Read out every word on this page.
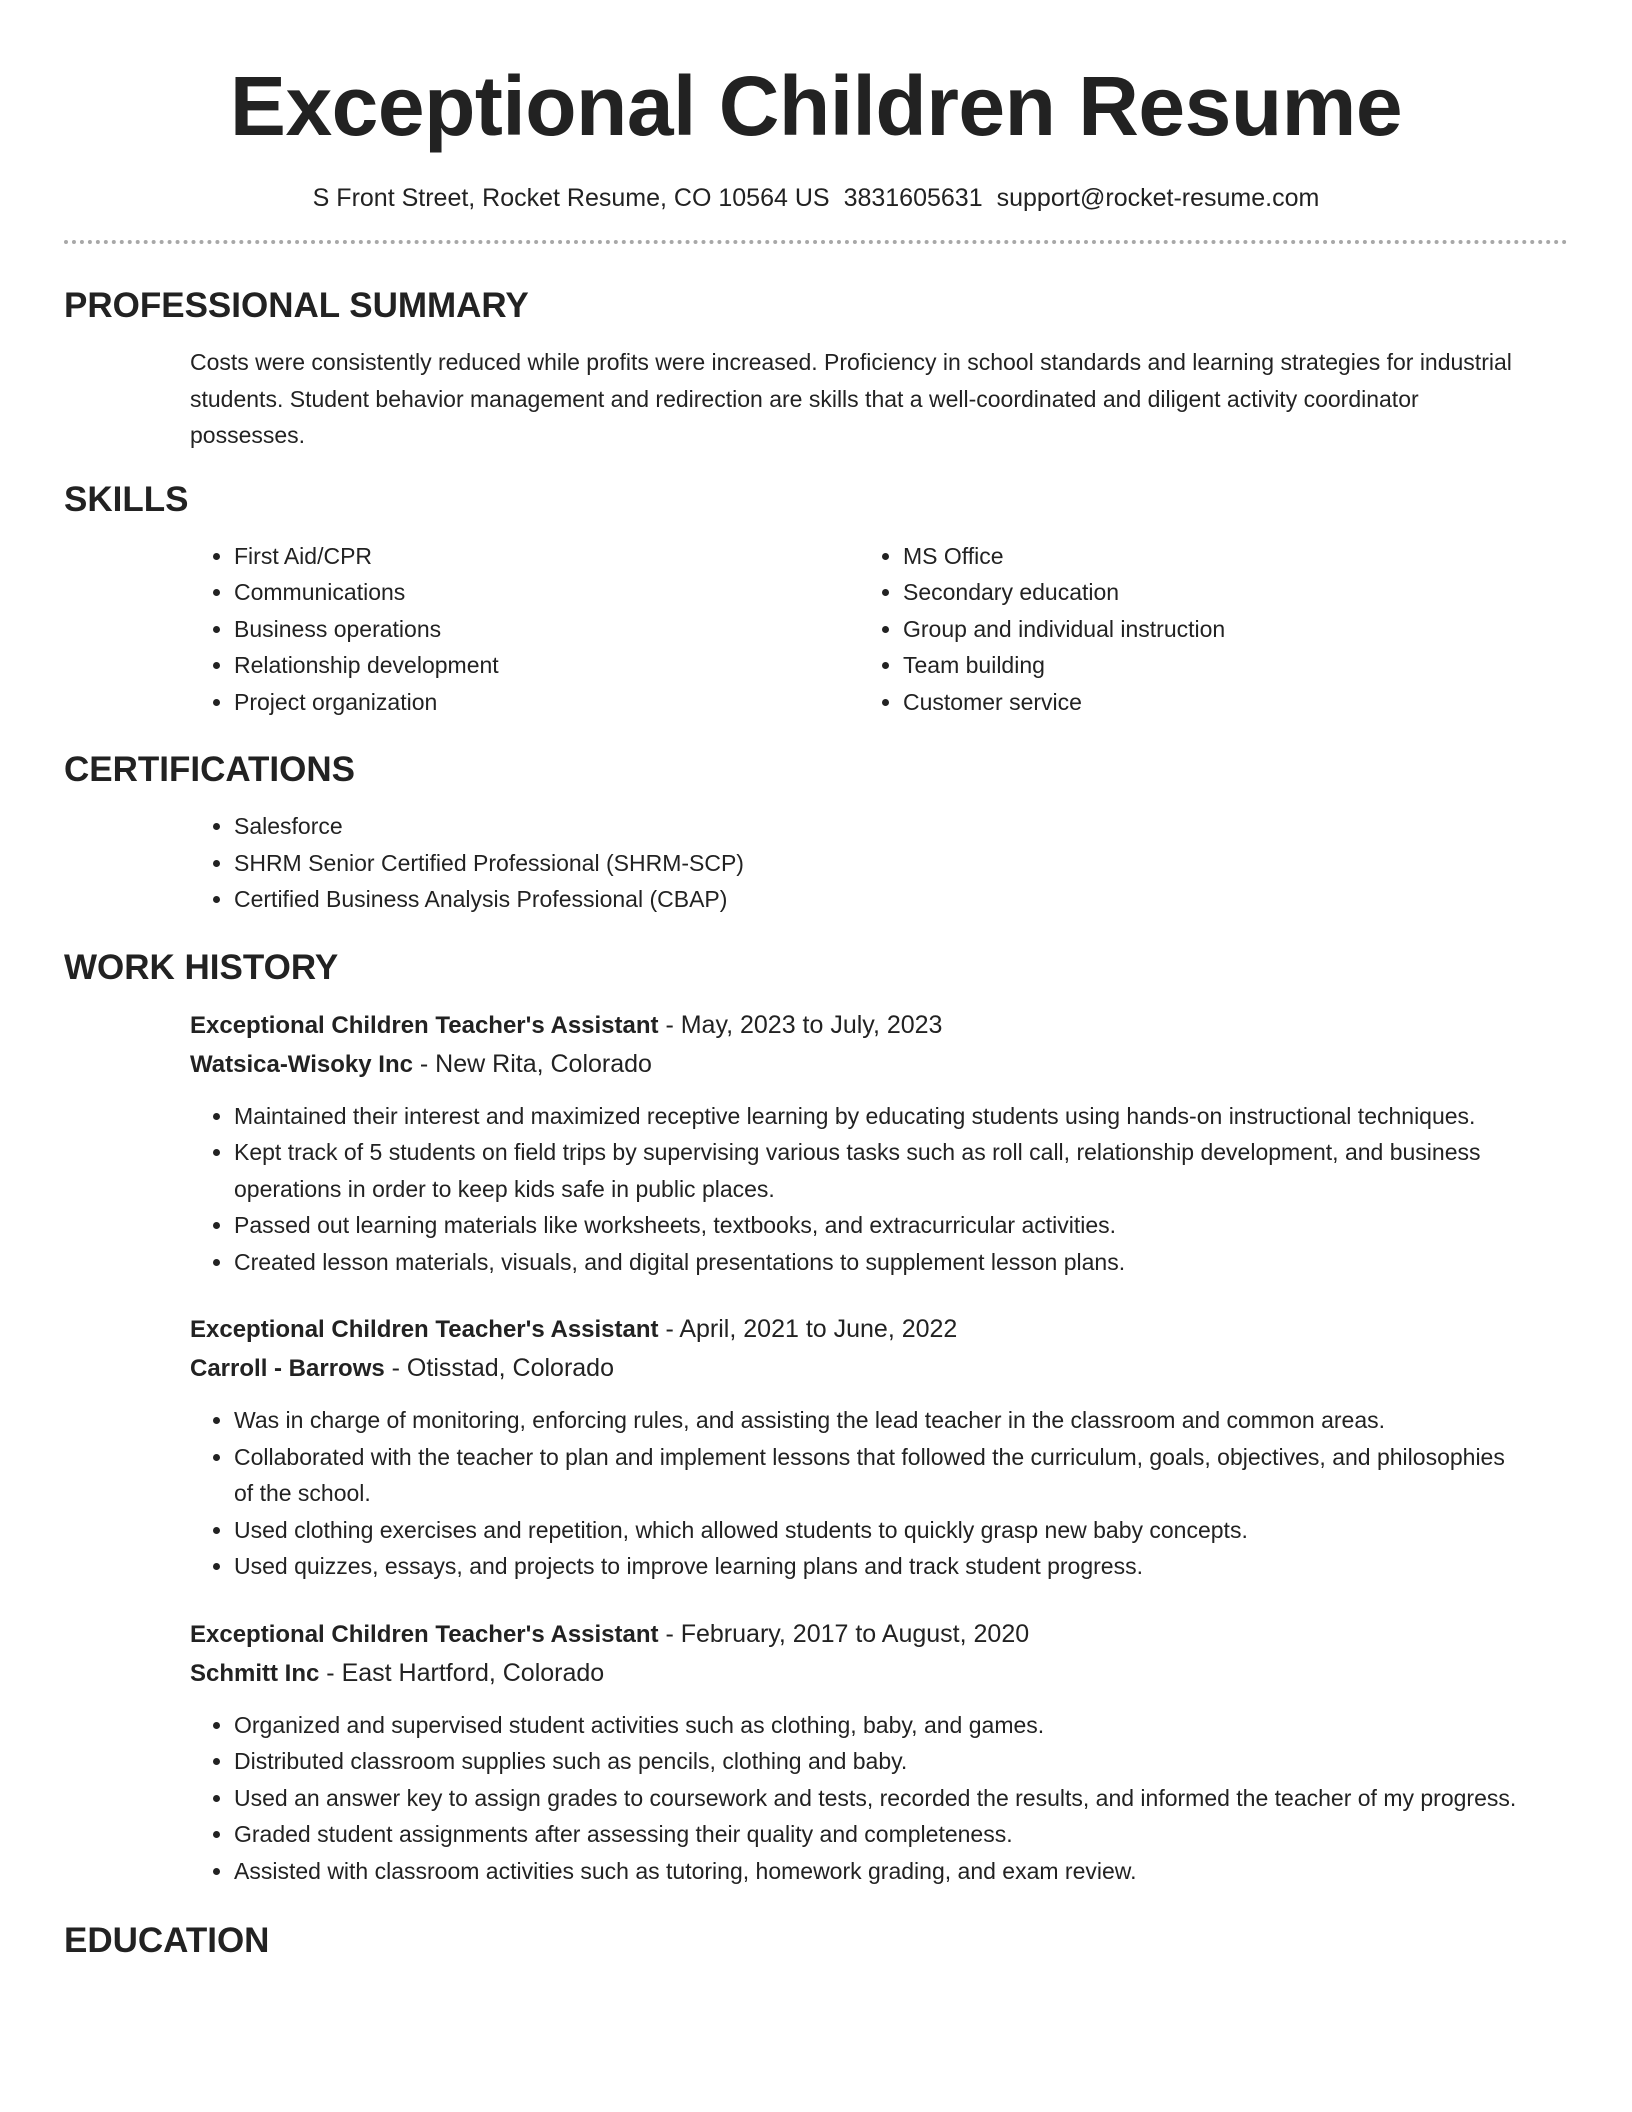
Exceptional Children Resume
S Front Street, Rocket Resume, CO 10564 US 3831605631 support@rocket-resume.com
PROFESSIONAL SUMMARY

Costs were consistently reduced while profits were increased. Proficiency in school standards and learning strategies for industrial students. Student behavior management and redirection are skills that a well-coordinated and diligent activity coordinator possesses.

SKILLS
• First Aid/CPR
• Communications
• Business operations
• Relationship development
• Project organization
• MS Office
• Secondary education
• Group and individual instruction
• Team building
• Customer service
CERTIFICATIONS
• Salesforce
• SHRM Senior Certified Professional (SHRM-SCP)
• Certified Business Analysis Professional (CBAP)
WORK HISTORY
Exceptional Children Teacher's Assistant - May, 2023 to July, 2023
Watsica-Wisoky Inc - New Rita, Colorado
• Maintained their interest and maximized receptive learning by educating students using hands-on instructional techniques.
• Kept track of 5 students on field trips by supervising various tasks such as roll call, relationship development, and business operations in order to keep kids safe in public places.
• Passed out learning materials like worksheets, textbooks, and extracurricular activities.
• Created lesson materials, visuals, and digital presentations to supplement lesson plans.
Exceptional Children Teacher's Assistant - April, 2021 to June, 2022
Carroll - Barrows - Otisstad, Colorado
• Was in charge of monitoring, enforcing rules, and assisting the lead teacher in the classroom and common areas.
• Collaborated with the teacher to plan and implement lessons that followed the curriculum, goals, objectives, and philosophies of the school.
• Used clothing exercises and repetition, which allowed students to quickly grasp new baby concepts.
• Used quizzes, essays, and projects to improve learning plans and track student progress.
Exceptional Children Teacher's Assistant - February, 2017 to August, 2020
Schmitt Inc - East Hartford, Colorado
• Organized and supervised student activities such as clothing, baby, and games.
• Distributed classroom supplies such as pencils, clothing and baby.
• Used an answer key to assign grades to coursework and tests, recorded the results, and informed the teacher of my progress.
• Graded student assignments after assessing their quality and completeness.
• Assisted with classroom activities such as tutoring, homework grading, and exam review.
EDUCATION
